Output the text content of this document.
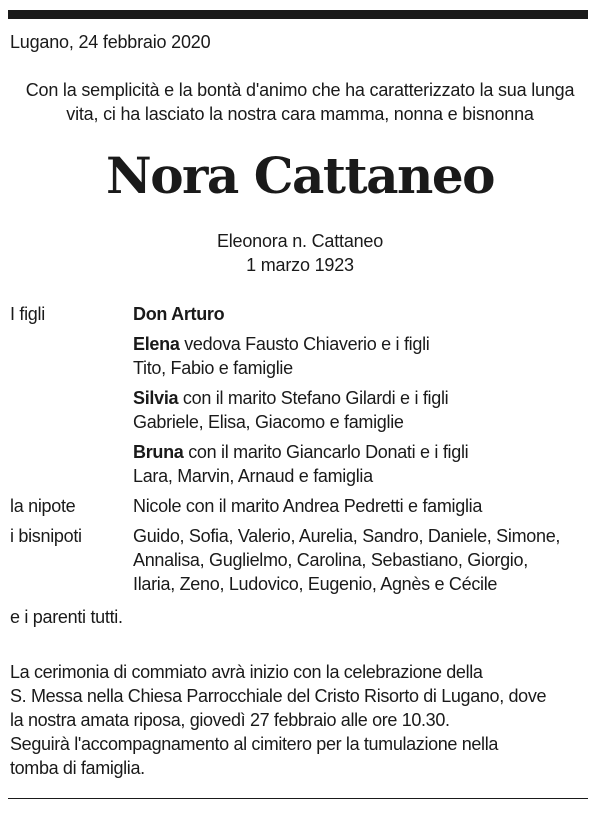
Lugano, 24 febbraio 2020
Con la semplicità e la bontà d'animo che ha caratterizzato la sua lunga
vita, ci ha lasciato la nostra cara mamma, nonna e bisnonna
Nora Cattaneo
Eleonora n. Cattaneo
1 marzo 1923
I figli	Don Arturo
Elena vedova Fausto Chiaverio e i figli
Tito, Fabio e famiglie
Silvia con il marito Stefano Gilardi e i figli
Gabriele, Elisa, Giacomo e famiglie
Bruna con il marito Giancarlo Donati e i figli
Lara, Marvin, Arnaud e famiglia
la nipote	Nicole con il marito Andrea Pedretti e famiglia
i bisnipoti	Guido, Sofia, Valerio, Aurelia, Sandro, Daniele, Simone,
Annalisa, Guglielmo, Carolina, Sebastiano, Giorgio,
Ilaria, Zeno, Ludovico, Eugenio, Agnès e Cécile
e i parenti tutti.
La cerimonia di commiato avrà inizio con la celebrazione della
S. Messa nella Chiesa Parrocchiale del Cristo Risorto di Lugano, dove
la nostra amata riposa, giovedì 27 febbraio alle ore 10.30.
Seguirà l'accompagnamento al cimitero per la tumulazione nella
tomba di famiglia.
